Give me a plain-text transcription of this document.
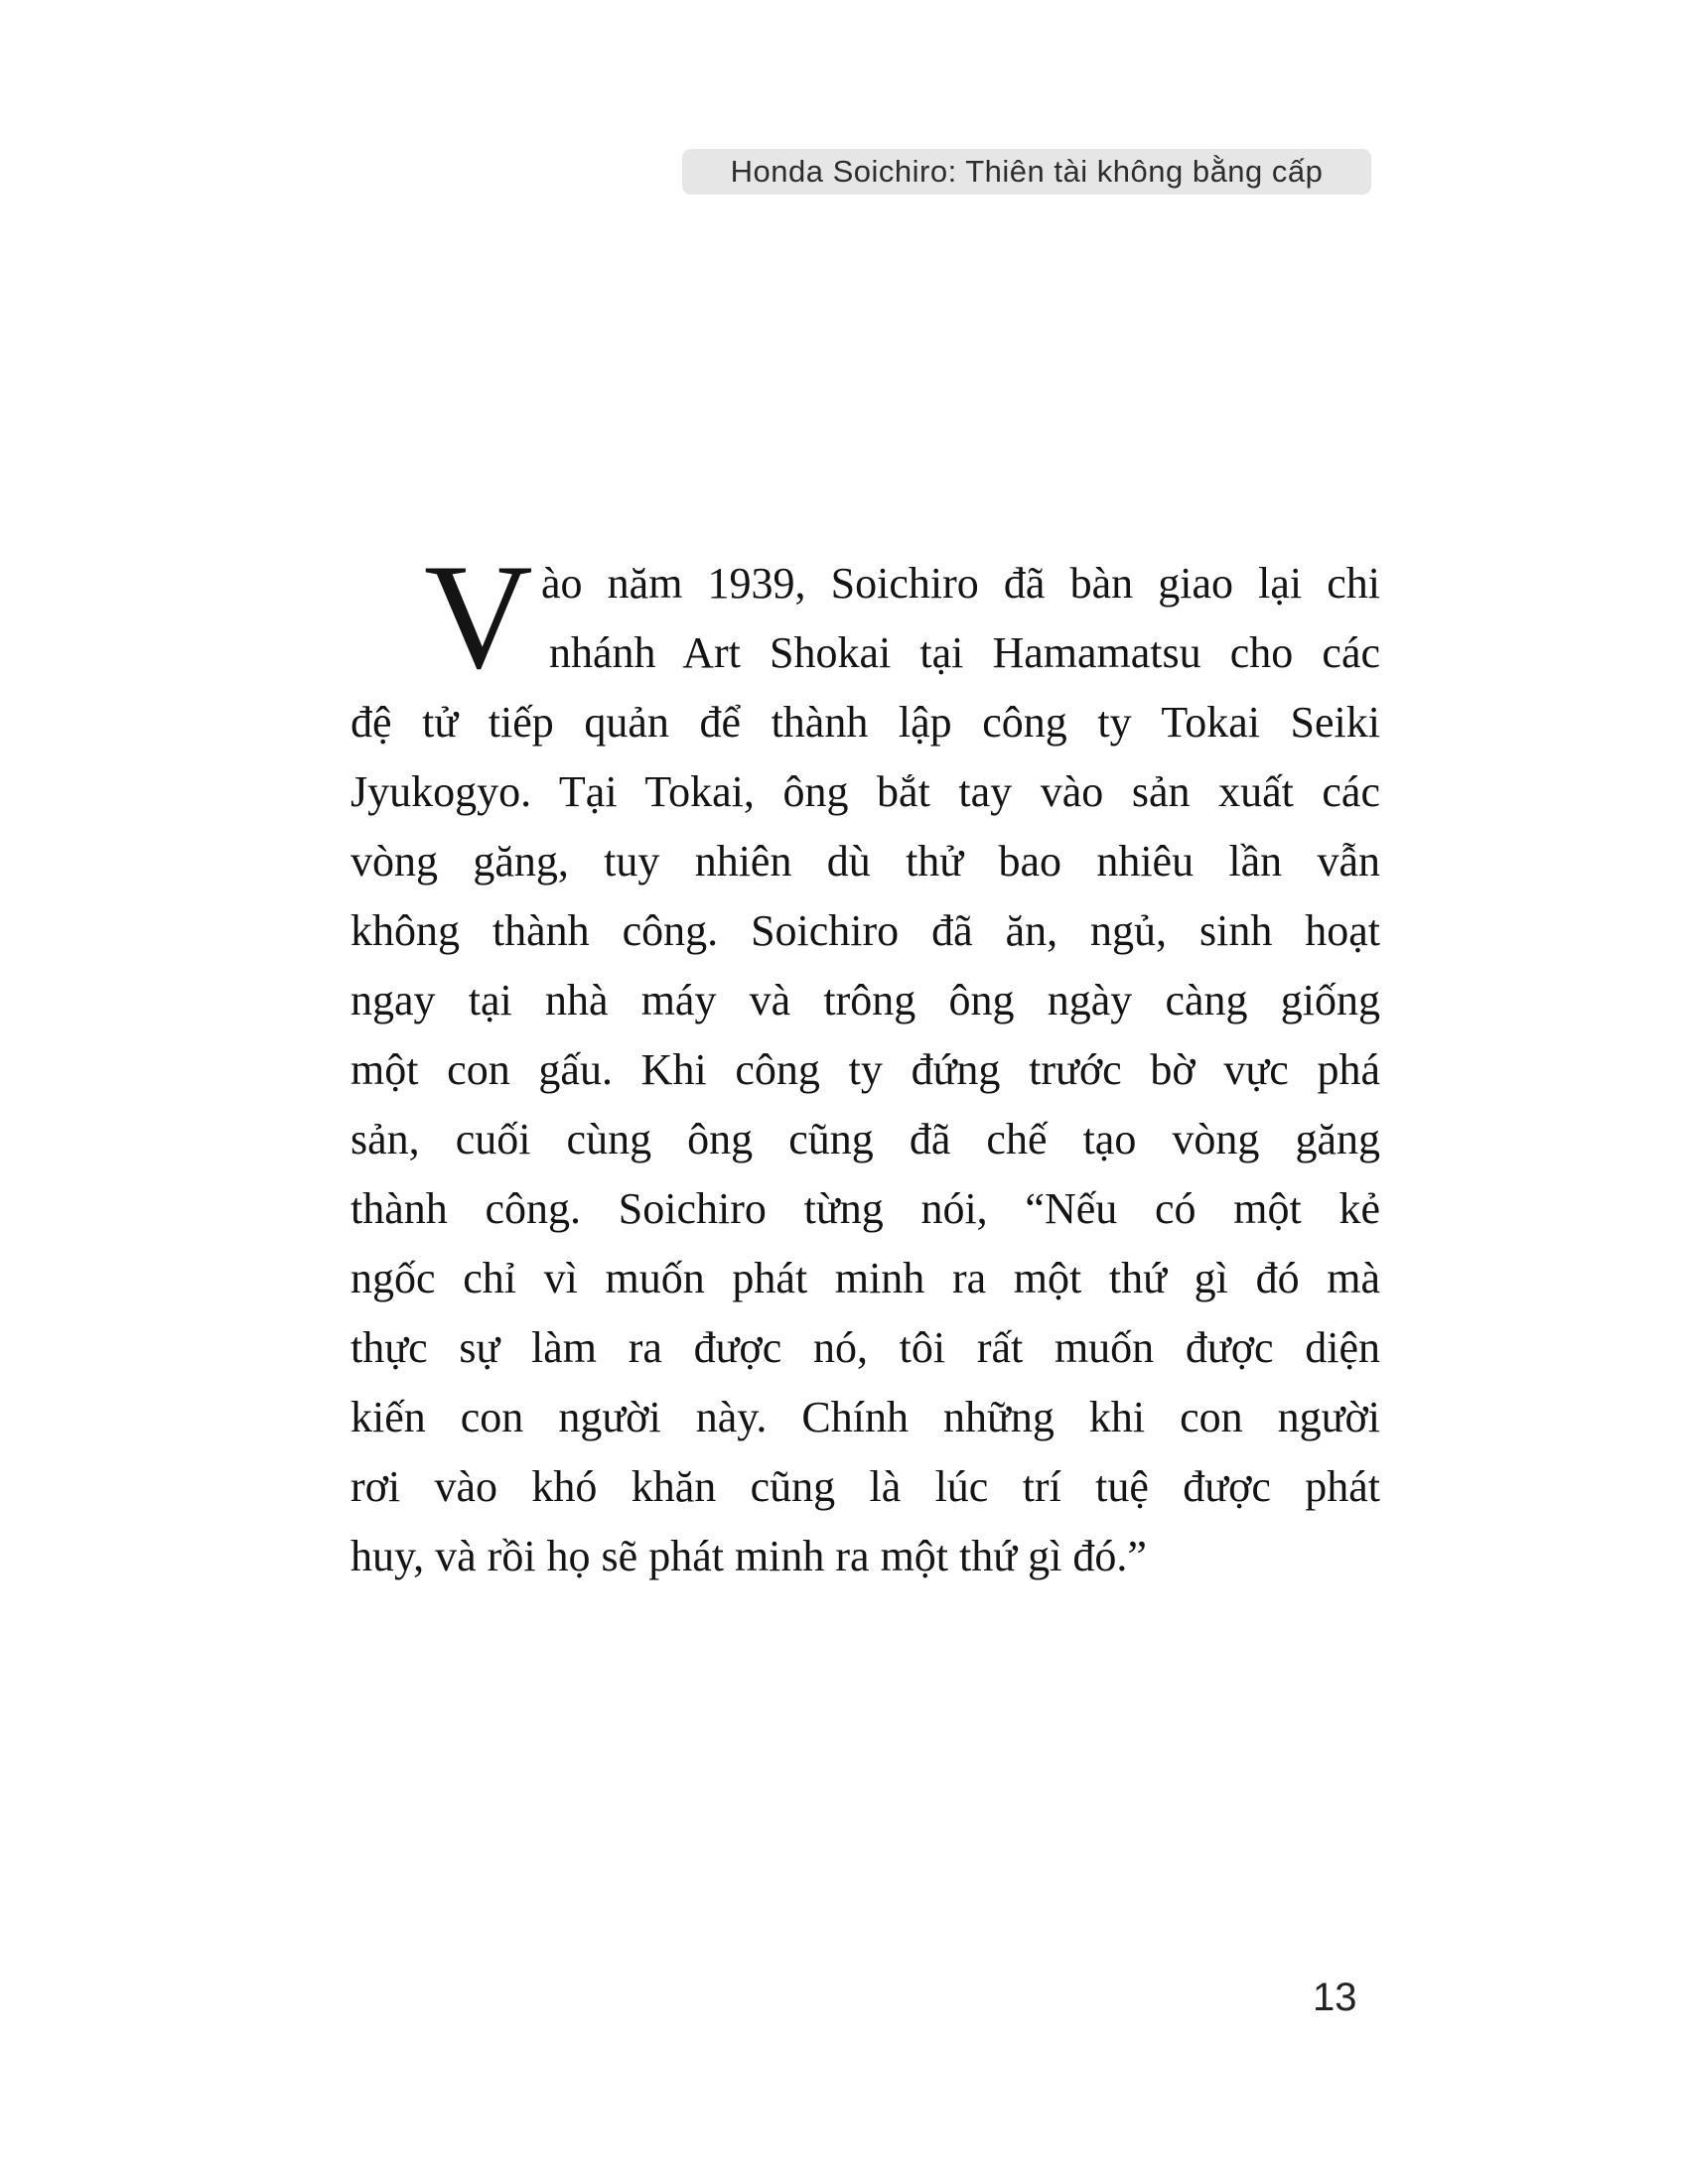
Honda Soichiro: Thiên tài không bằng cấp
V ào năm 1939, Soichiro đã bàn giao lại chi
nhánh Art Shokai tại Hamamatsu cho các
đệ tử tiếp quản để thành lập công ty Tokai Seiki
Jyukogyo. Tại Tokai, ông bắt tay vào sản xuất các
vòng găng, tuy nhiên dù thử bao nhiêu lần vẫn
không thành công. Soichiro đã ăn, ngủ, sinh hoạt
ngay tại nhà máy và trông ông ngày càng giống
một con gấu. Khi công ty đứng trước bờ vực phá
sản, cuối cùng ông cũng đã chế tạo vòng găng
thành công. Soichiro từng nói, “Nếu có một kẻ
ngốc chỉ vì muốn phát minh ra một thứ gì đó mà
thực sự làm ra được nó, tôi rất muốn được diện
kiến con người này. Chính những khi con người
rơi vào khó khăn cũng là lúc trí tuệ được phát
huy, và rồi họ sẽ phát minh ra một thứ gì đó.”
13
